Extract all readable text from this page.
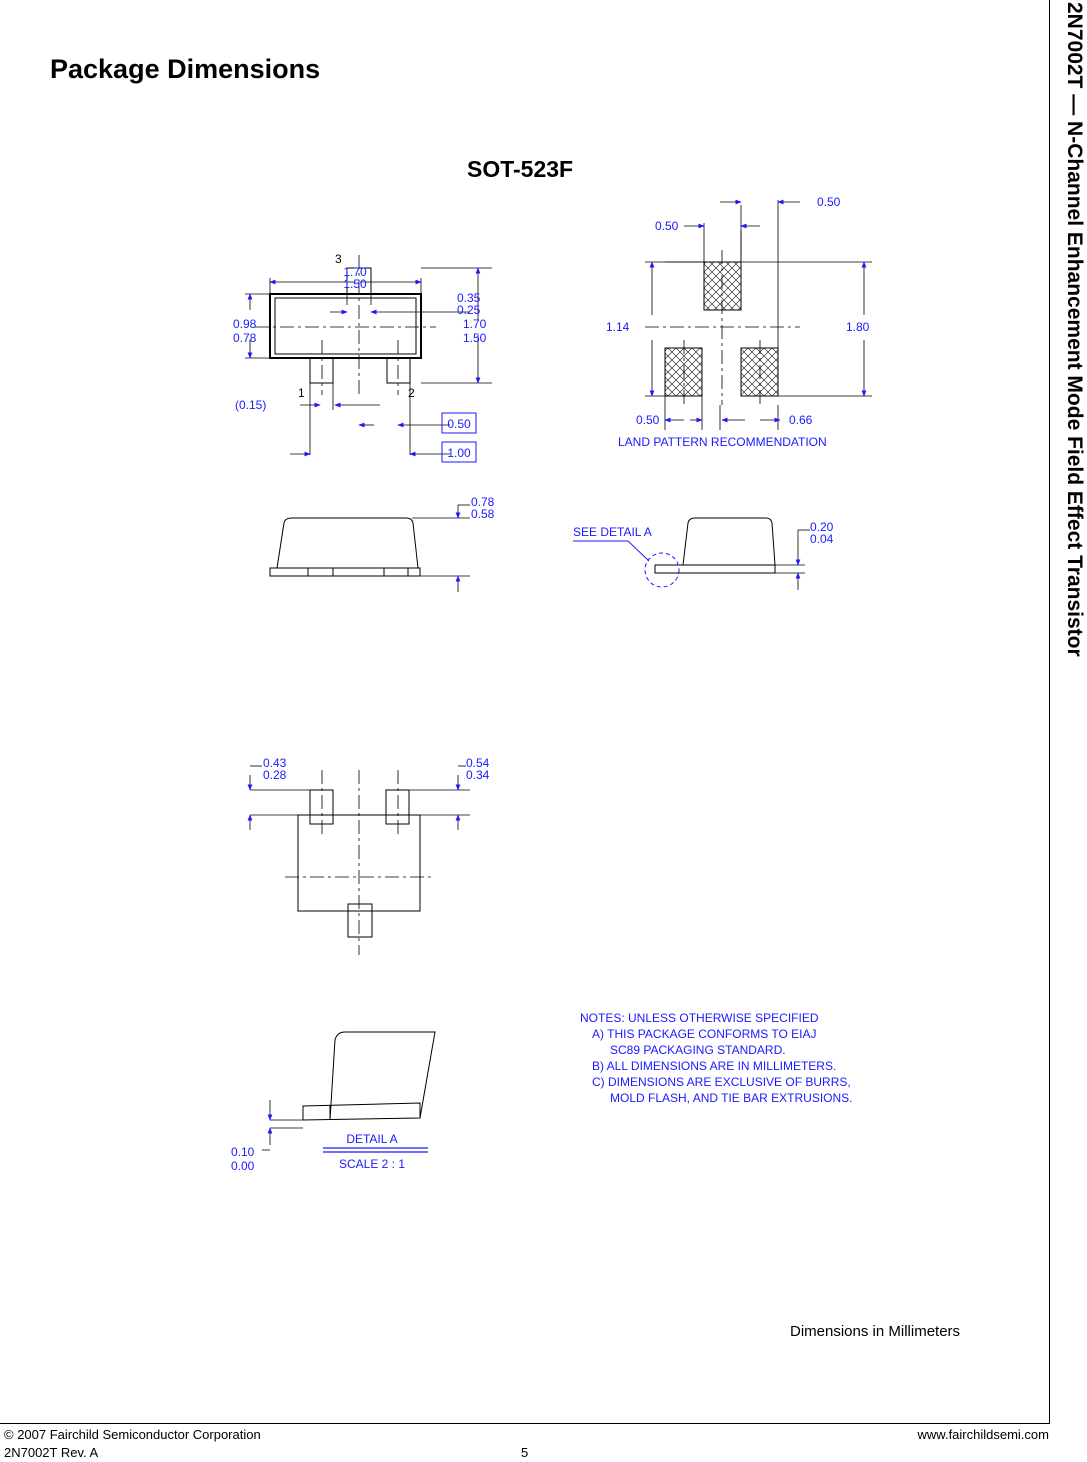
Package Dimensions
SOT-523F	2N7002T — N-Channel Enhancement Mode Field Effect Transistor
1.70
1.50
0.35
0.25
0.98
0.78
1.70
1.50
(0.15)
0.50
1.00
3
1	2
0.50
0.50
1.14	1.80
0.50	0.66
LAND PATTERN RECOMMENDATION
0.78
0.58
SEE DETAIL A	0.20
0.04
0.43
0.28
0.54
0.34
0.10
0.00
DETAIL A
SCALE 2 : 1
NOTES: UNLESS OTHERWISE SPECIFIED
A) THIS PACKAGE CONFORMS TO EIAJ
SC89 PACKAGING STANDARD.
B) ALL DIMENSIONS ARE IN MILLIMETERS.
C) DIMENSIONS ARE EXCLUSIVE OF BURRS,
MOLD FLASH, AND TIE BAR EXTRUSIONS.
Dimensions in Millimeters
© 2007 Fairchild Semiconductor Corporation	www.fairchildsemi.com
2N7002T Rev. A	5
